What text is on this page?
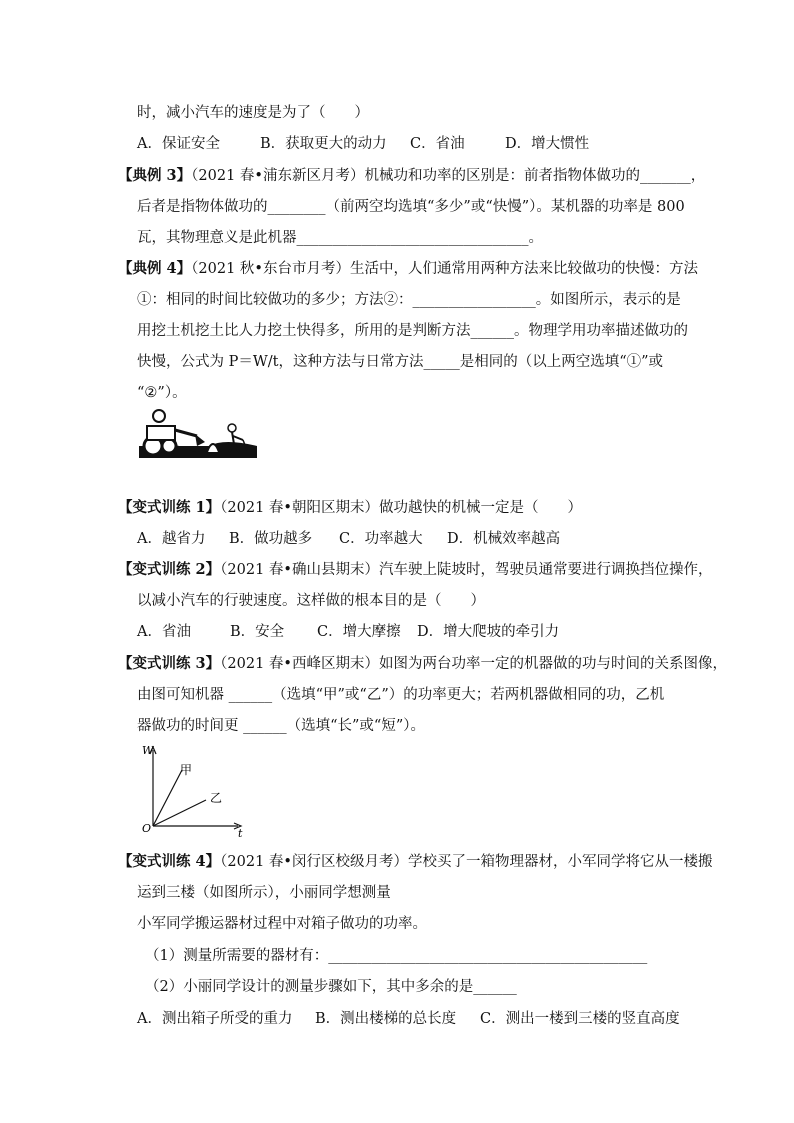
时，减小汽车的速度是为了（　　）
A．保证安全	B．获取更大的动力 C．省油	D．增大惯性
【典例 3】（2021 春•浦东新区月考）机械功和功率的区别是：前者指物体做功的_______，
后者是指物体做功的________（前两空均选填“多少”或“快慢”）。某机器的功率是 800
瓦，其物理意义是此机器________________________________。
【典例 4】（2021 秋•东台市月考）生活中，人们通常用两种方法来比较做功的快慢：方法
①：相同的时间比较做功的多少；方法②：_________________。如图所示，表示的是
用挖土机挖土比人力挖土快得多，所用的是判断方法______。物理学用功率描述做功的
快慢，公式为 P＝W/t，这种方法与日常方法_____是相同的（以上两空选填“①”或
“②”）。
【变式训练 1】（2021 春•朝阳区期末）做功越快的机械一定是（　　）
A．越省力 B．做功越多 C．功率越大 D．机械效率越高
【变式训练 2】（2021 春•确山县期末）汽车驶上陡坡时，驾驶员通常要进行调换挡位操作，
以减小汽车的行驶速度。这样做的根本目的是（　　）
A．省油	B．安全 C．增大摩擦 D．增大爬坡的牵引力
【变式训练 3】（2021 春•西峰区期末）如图为两台功率一定的机器做的功与时间的关系图像，
由图可知机器 ______（选填“甲”或“乙”）的功率更大；若两机器做相同的功，乙机
器做功的时间更 ______（选填“长”或“短”）。
W
t
O
甲
乙
【变式训练 4】（2021 春•闵行区校级月考）学校买了一箱物理器材，小军同学将它从一楼搬
运到三楼（如图所示），小丽同学想测量
小军同学搬运器材过程中对箱子做功的功率。
（1）测量所需要的器材有：____________________________________________
（2）小丽同学设计的测量步骤如下，其中多余的是______
A．测出箱子所受的重力 B．测出楼梯的总长度 C．测出一楼到三楼的竖直高度
